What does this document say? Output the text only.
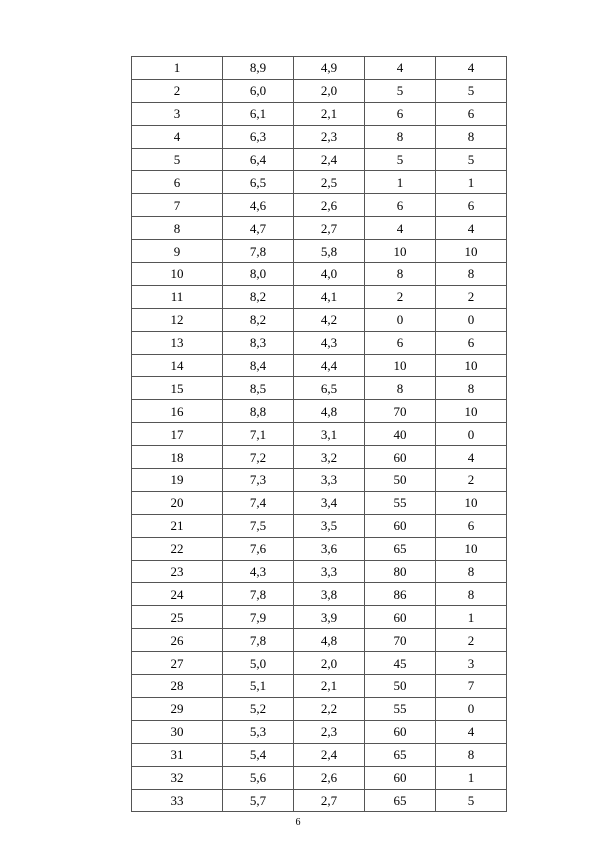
1	8,9	4,9	4	4
2	6,0	2,0	5	5
3	6,1	2,1	6	6
4	6,3	2,3	8	8
5	6,4	2,4	5	5
6	6,5	2,5	1	1
7	4,6	2,6	6	6
8	4,7	2,7	4	4
9	7,8	5,8	10	10
10	8,0	4,0	8	8
11	8,2	4,1	2	2
12	8,2	4,2	0	0
13	8,3	4,3	6	6
14	8,4	4,4	10	10
15	8,5	6,5	8	8
16	8,8	4,8	70	10
17	7,1	3,1	40	0
18	7,2	3,2	60	4
19	7,3	3,3	50	2
20	7,4	3,4	55	10
21	7,5	3,5	60	6
22	7,6	3,6	65	10
23	4,3	3,3	80	8
24	7,8	3,8	86	8
25	7,9	3,9	60	1
26	7,8	4,8	70	2
27	5,0	2,0	45	3
28	5,1	2,1	50	7
29	5,2	2,2	55	0
30	5,3	2,3	60	4
31	5,4	2,4	65	8
32	5,6	2,6	60	1
33	5,7	2,7	65	5
6
